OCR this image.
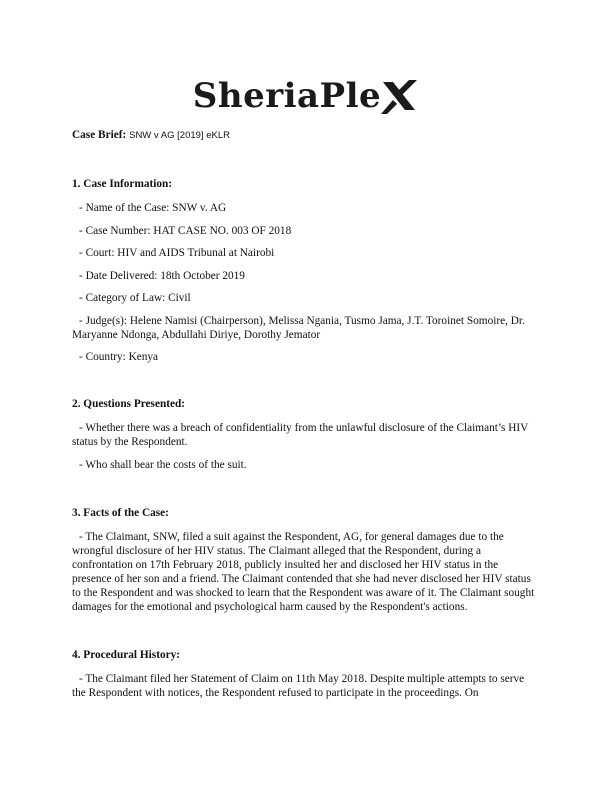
SheriaPle

Case Brief: SNW v AG [2019] eKLR

1. Case Information:

- Name of the Case: SNW v. AG

- Case Number: HAT CASE NO. 003 OF 2018

- Court: HIV and AIDS Tribunal at Nairobi

- Date Delivered: 18th October 2019

- Category of Law: Civil

- Judge(s): Helene Namisi (Chairperson), Melissa Ngania, Tusmo Jama, J.T. Toroinet Somoire, Dr. Maryanne Ndonga, Abdullahi Diriye, Dorothy Jemator

- Country: Kenya

2. Questions Presented:

- Whether there was a breach of confidentiality from the unlawful disclosure of the Claimant’s HIV status by the Respondent.

- Who shall bear the costs of the suit.

3. Facts of the Case:

- The Claimant, SNW, filed a suit against the Respondent, AG, for general damages due to the wrongful disclosure of her HIV status. The Claimant alleged that the Respondent, during a confrontation on 17th February 2018, publicly insulted her and disclosed her HIV status in the presence of her son and a friend. The Claimant contended that she had never disclosed her HIV status to the Respondent and was shocked to learn that the Respondent was aware of it. The Claimant sought damages for the emotional and psychological harm caused by the Respondent's actions.

4. Procedural History:

- The Claimant filed her Statement of Claim on 11th May 2018. Despite multiple attempts to serve the Respondent with notices, the Respondent refused to participate in the proceedings. On
